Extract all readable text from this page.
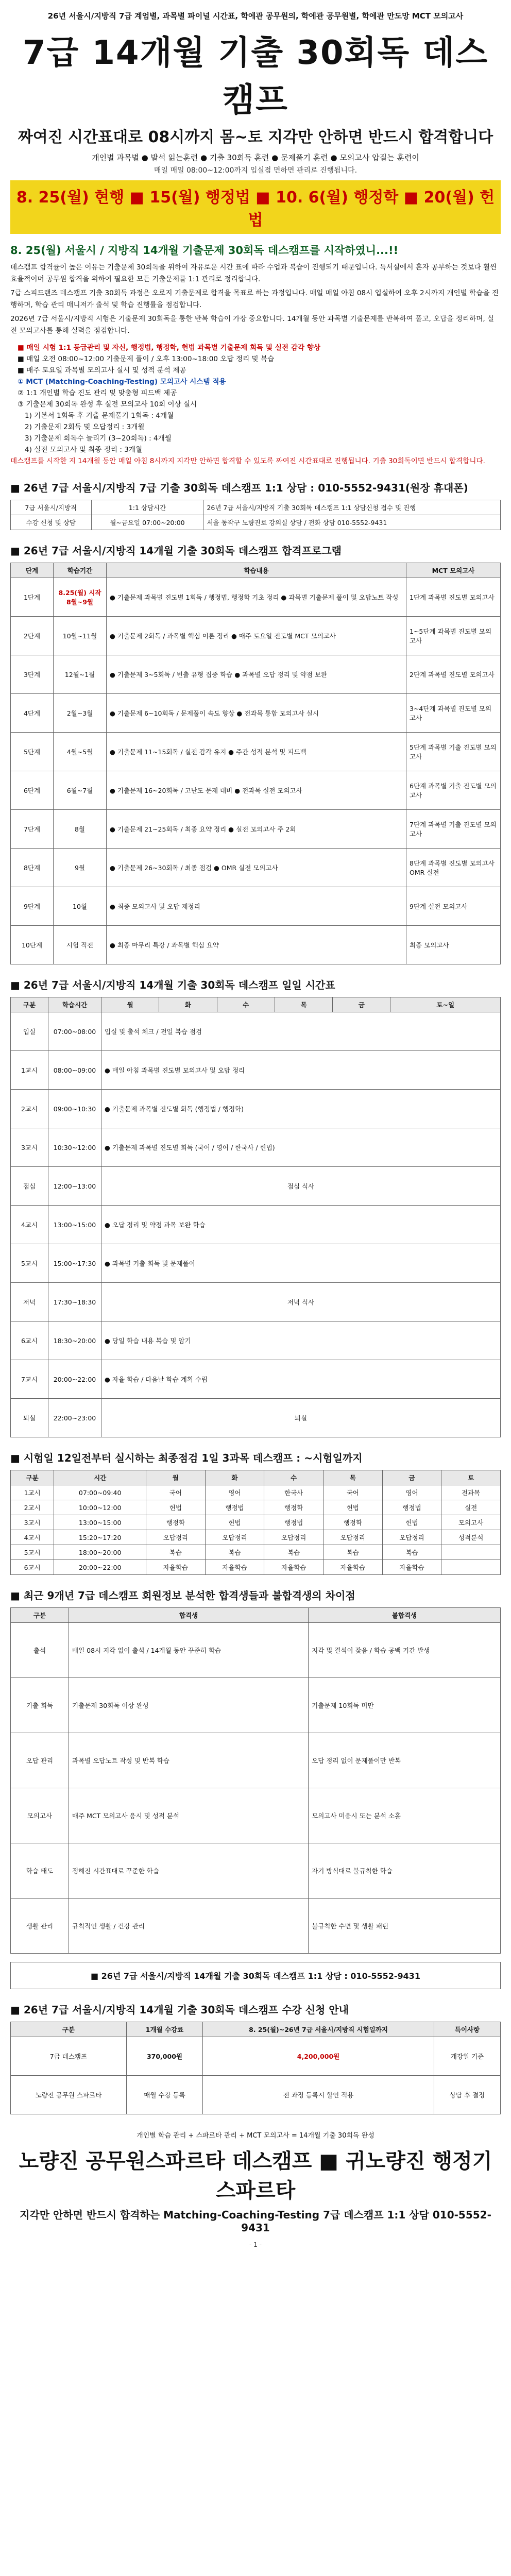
26년 서울시/지방직 7급 계엄별, 과목별 파이널 시간표, 학에관 공무원의, 학에관 공무원별, 학에관 만도망 MCT 모의고사
7급 14개월 기출 30회독 데스캠프
짜여진 시간표대로 08시까지 몸~토 지각만 안하면 반드시 합격합니다
개인별 과목별 ● 발석 읽는훈련 ● 기출 30회독 훈련 ● 문제풀기 훈련 ● 모의고사 압질는 훈련이
매일 매일 08:00~12:00까지 입실점 면하면 관리로 진행됩니다.
8. 25(월) 현행 ■ 15(월) 행정법 ■ 10. 6(월) 행정학 ■ 20(월) 헌법
8. 25(월) 서울시 / 지방직 14개월 기출문제 30회독 데스캠프를 시작하였니...!!

데스캠프 합격률이 높은 이유는 기출문제 30회독을 위하여 자유로운 시간 표에 따라 수업과 복습이 진행되기 때문입니다. 독서실에서 혼자 공부하는 것보다 훨씬 효율적이며 공무원 합격을 위하여 필요한 모든 기출문제를 1:1 관리로 정리합니다.

7급 스피드랜즈 데스캠프 기출 30회독 과정은 오로지 기출문제로 합격을 목표로 하는 과정입니다. 매일 매일 아침 08시 입실하여 오후 2시까지 개인별 학습을 진행하며, 학습 관리 매니저가 출석 및 학습 진행률을 점검합니다.

2026년 7급 서울시/지방직 시험은 기출문제 30회독을 통한 반복 학습이 가장 중요합니다. 14개월 동안 과목별 기출문제를 반복하여 풀고, 오답을 정리하며, 실전 모의고사를 통해 실력을 점검합니다.

■ 매일 시험 1:1 등급관리 및 자신, 행정법, 행정학, 헌법 과목별 기출문제 회독 및 실전 감각 향상
■ 매일 오전 08:00~12:00 기출문제 풀이 / 오후 13:00~18:00 오답 정리 및 복습
■ 매주 토요일 과목별 모의고사 실시 및 성적 분석 제공
① MCT (Matching-Coaching-Testing) 모의고사 시스템 적용
② 1:1 개인별 학습 진도 관리 및 맞춤형 피드백 제공
③ 기출문제 30회독 완성 후 실전 모의고사 10회 이상 실시
1) 기본서 1회독 후 기출 문제풀기 1회독 : 4개월
2) 기출문제 2회독 및 오답정리 : 3개월
3) 기출문제 회독수 늘리기 (3~20회독) : 4개월
4) 실전 모의고사 및 최종 정리 : 3개월

데스캠프를 시작한 지 14개월 동안 매일 아침 8시까지 지각만 안하면 합격할 수 있도록 짜여진 시간표대로 진행됩니다. 기출 30회독이면 반드시 합격합니다.

■ 26년 7급 서울시/지방직 7급 기출 30회독 데스캠프 1:1 상담 : 010-5552-9431(원장 휴대폰)
7급 서울시/지방직	1:1 상담시간	26년 7급 서울시/지방직 기출 30회독 데스캠프 1:1 상담신청 접수 및 진행
수강 신청 및 상담	월~금요일 07:00~20:00	서울 동작구 노량진로 강의실 상담 / 전화 상담 010-5552-9431
■ 26년 7급 서울시/지방직 14개월 기출 30회독 데스캠프 합격프로그램
단계	학습기간	학습내용	MCT 모의고사
1단계	8.25(월) 시작 8월~9월	● 기출문제 과목별 진도별 1회독 / 행정법, 행정학 기초 정리 ● 과목별 기출문제 풀이 및 오답노트 작성	1단계 과목별 진도별 모의고사
2단계	10월~11월	● 기출문제 2회독 / 과목별 핵심 이론 정리 ● 매주 토요일 진도별 MCT 모의고사	1~5단계 과목별 진도별 모의고사
3단계	12월~1월	● 기출문제 3~5회독 / 빈출 유형 집중 학습 ● 과목별 오답 정리 및 약점 보완	2단계 과목별 진도별 모의고사
4단계	2월~3월	● 기출문제 6~10회독 / 문제풀이 속도 향상 ● 전과목 통합 모의고사 실시	3~4단계 과목별 진도별 모의고사
5단계	4월~5월	● 기출문제 11~15회독 / 실전 감각 유지 ● 주간 성적 분석 및 피드백	5단계 과목별 기출 진도별 모의고사
6단계	6월~7월	● 기출문제 16~20회독 / 고난도 문제 대비 ● 전과목 실전 모의고사	6단계 과목별 기출 진도별 모의고사
7단계	8월	● 기출문제 21~25회독 / 최종 요약 정리 ● 실전 모의고사 주 2회	7단계 과목별 기출 진도별 모의고사
8단계	9월	● 기출문제 26~30회독 / 최종 점검 ● OMR 실전 모의고사	8단계 과목별 진도별 모의고사 OMR 실전
9단계	10월	● 최종 모의고사 및 오답 재정리	9단계 실전 모의고사
10단계	시험 직전	● 최종 마무리 특강 / 과목별 핵심 요약	최종 모의고사
■ 26년 7급 서울시/지방직 14개월 기출 30회독 데스캠프 일일 시간표
구분	학습시간	월	화	수	목	금	토~일
입실	07:00~08:00	입실 및 출석 체크 / 전일 복습 점검					
1교시	08:00~09:00	● 매일 아침 과목별 진도별 모의고사 및 오답 정리					
2교시	09:00~10:30	● 기출문제 과목별 진도별 회독 (행정법 / 행정학)					
3교시	10:30~12:00	● 기출문제 과목별 진도별 회독 (국어 / 영어 / 한국사 / 헌법)					
점심	12:00~13:00	점심 식사					
4교시	13:00~15:00	● 오답 정리 및 약점 과목 보완 학습					
5교시	15:00~17:30	● 과목별 기출 회독 및 문제풀이					
저녁	17:30~18:30	저녁 식사					
6교시	18:30~20:00	● 당일 학습 내용 복습 및 암기					
7교시	20:00~22:00	● 자율 학습 / 다음날 학습 계획 수립					
퇴실	22:00~23:00	퇴실					
■ 시험일 12일전부터 실시하는 최종점검 1일 3과목 데스캠프 : ~시험일까지
구분	시간	월	화	수	목	금	토
1교시	07:00~09:40	국어	영어	한국사	국어	영어	전과목
2교시	10:00~12:00	헌법	행정법	행정학	헌법	행정법	실전
3교시	13:00~15:00	행정학	헌법	행정법	행정학	헌법	모의고사
4교시	15:20~17:20	오답정리	오답정리	오답정리	오답정리	오답정리	성적분석
5교시	18:00~20:00	복습	복습	복습	복습	복습	
6교시	20:00~22:00	자율학습	자율학습	자율학습	자율학습	자율학습	
■ 최근 9개년 7급 데스캠프 회원정보 분석한 합격생들과 불합격생의 차이점
구분	합격생	불합격생
출석	매일 08시 지각 없이 출석 / 14개월 동안 꾸준히 학습	지각 및 결석이 잦음 / 학습 공백 기간 발생
기출 회독	기출문제 30회독 이상 완성	기출문제 10회독 미만
오답 관리	과목별 오답노트 작성 및 반복 학습	오답 정리 없이 문제풀이만 반복
모의고사	매주 MCT 모의고사 응시 및 성적 분석	모의고사 미응시 또는 분석 소홀
학습 태도	정해진 시간표대로 꾸준한 학습	자기 방식대로 불규칙한 학습
생활 관리	규칙적인 생활 / 건강 관리	불규칙한 수면 및 생활 패턴
■ 26년 7급 서울시/지방직 14개월 기출 30회독 데스캠프 1:1 상담 : 010-5552-9431
■ 26년 7급 서울시/지방직 14개월 기출 30회독 데스캠프 수강 신청 안내
구분	1개월 수강료	8. 25(월)~26년 7급 서울시/지방직 시험일까지	특이사항
7급 데스캠프	370,000원	4,200,000원	개강일 기준
노량진 공무원 스파르타	매월 수강 등록	전 과정 등록시 할인 적용	상담 후 결정
개인별 학습 관리 + 스파르타 관리 + MCT 모의고사 = 14개월 기출 30회독 완성
노량진 공무원스파르타 데스캠프 ■ 귀노량진 행정기스파르타
지각만 안하면 반드시 합격하는 Matching-Coaching-Testing 7급 데스캠프 1:1 상담 010-5552-9431
- 1 -
